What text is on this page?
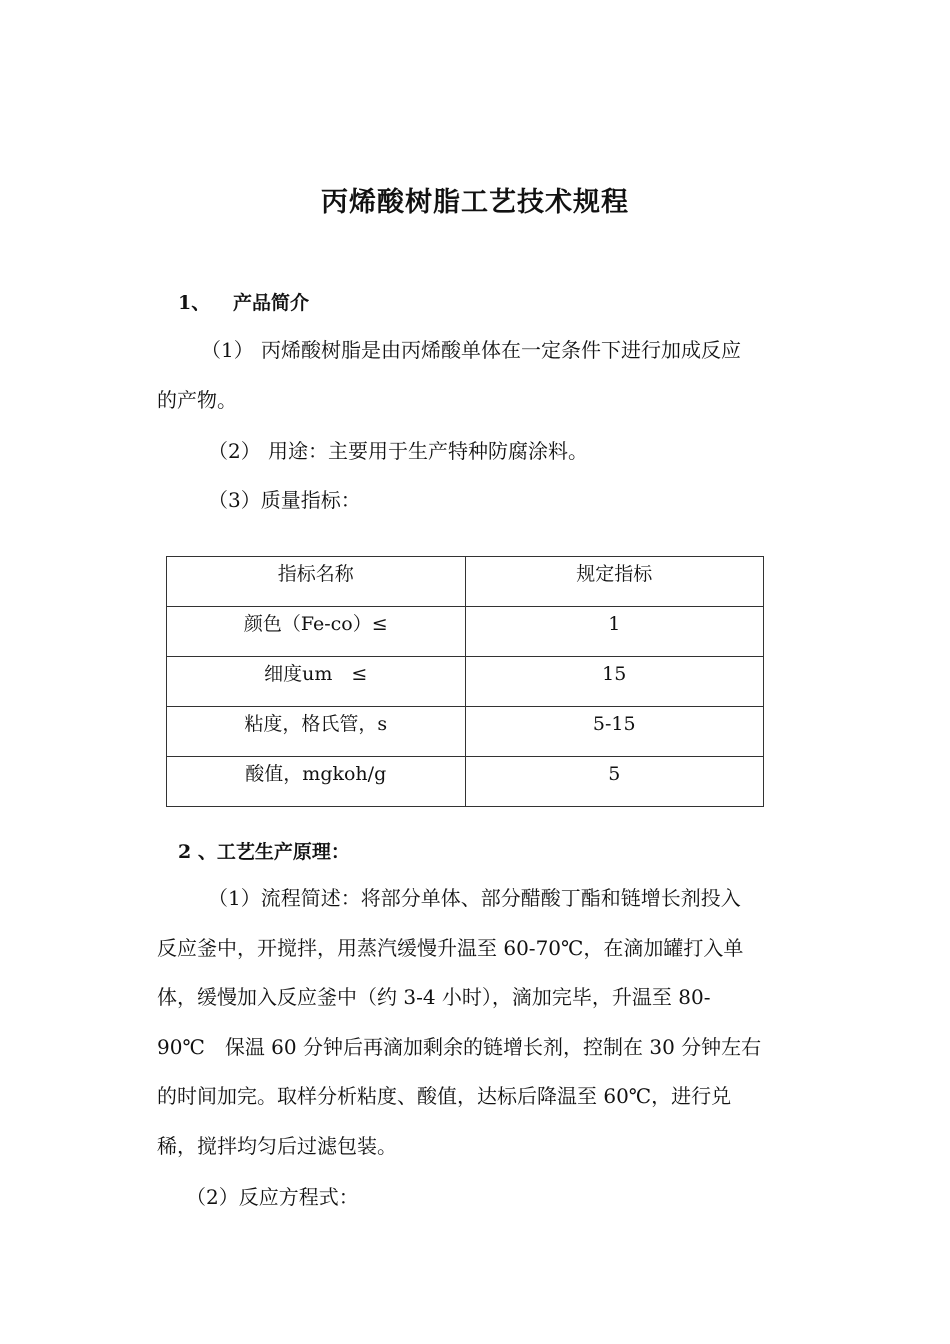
丙烯酸树脂工艺技术规程
1、 产品简介
（1） 丙烯酸树脂是由丙烯酸单体在一定条件下进行加成反应
的产物。
（2） 用途：主要用于生产特种防腐涂料。
（3）质量指标：
指标名称	规定指标
颜色（Fe-co）≤	1
细度um　≤	15
粘度，格氏管，s	5-15
酸值，mgkoh/g	5
2 、工艺生产原理：
（1）流程简述：将部分单体、部分醋酸丁酯和链增长剂投入
反应釜中，开搅拌，用蒸汽缓慢升温至 60-70℃，在滴加罐打入单
体，缓慢加入反应釜中（约 3-4 小时），滴加完毕，升温至 80-
90℃　保温 60 分钟后再滴加剩余的链增长剂，控制在 30 分钟左右
的时间加完。取样分析粘度、酸值，达标后降温至 60℃，进行兑
稀，搅拌均匀后过滤包装。
（2）反应方程式：
